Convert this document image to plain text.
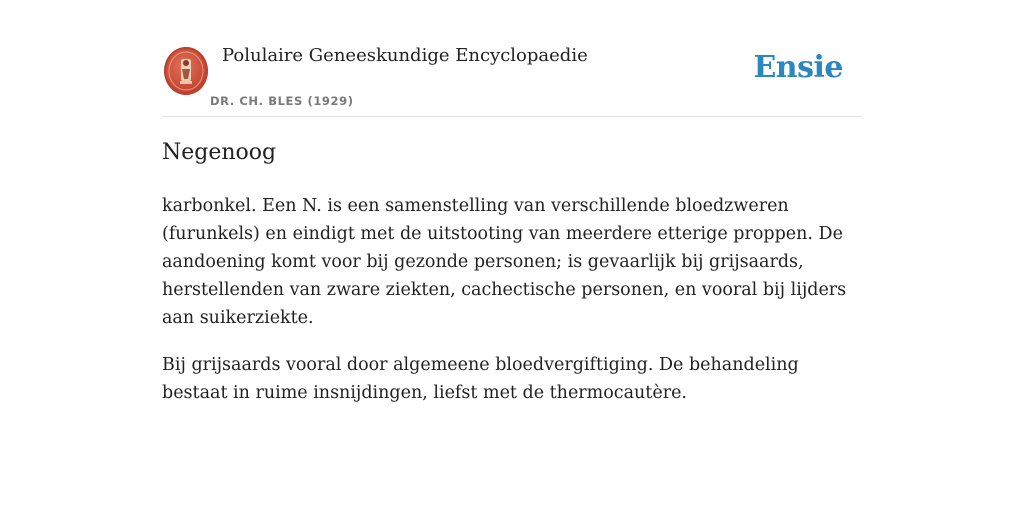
Polulaire Geneeskundige Encyclopaedie
DR. CH. BLES (1929)
Ensie
Negenoog

karbonkel. Een N. is een samenstelling van verschillende bloedzweren (furunkels) en eindigt met de uitstooting van meerdere etterige proppen. De aandoening komt voor bij gezonde personen; is gevaarlijk bij grijsaards, herstellenden van zware ziekten, cachectische personen, en vooral bij lijders aan suikerziekte.

Bij grijsaards vooral door algemeene bloedvergiftiging. De behandeling bestaat in ruime insnijdingen, liefst met de thermocautère.
